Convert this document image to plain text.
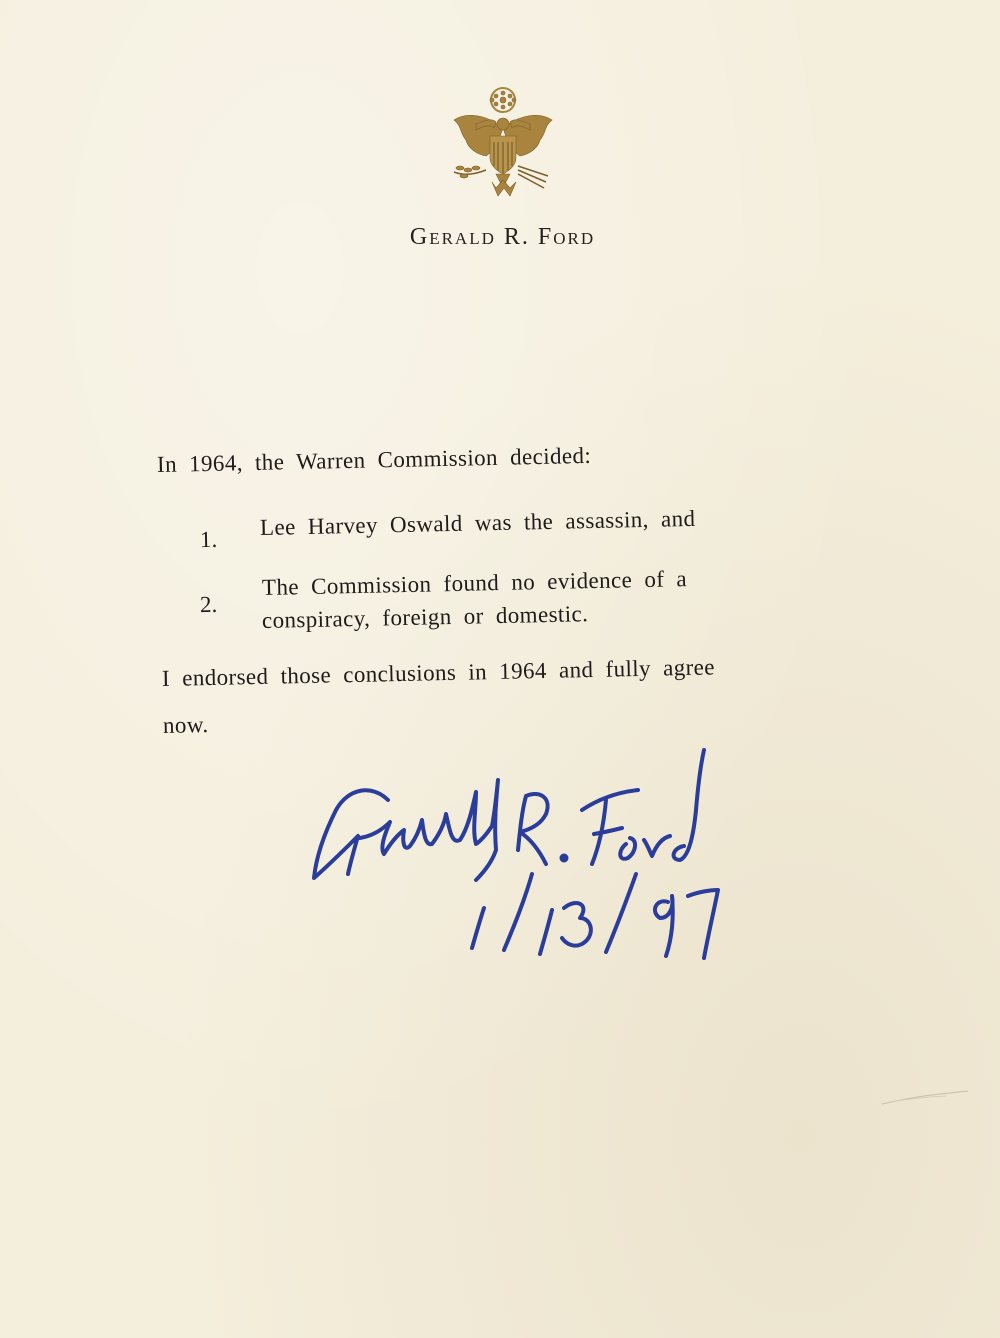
Gerald R. Ford
In 1964, the Warren Commission decided:
1. Lee Harvey Oswald was the assassin, and
2.
The Commission found no evidence of a
conspiracy, foreign or domestic.
I endorsed those conclusions in 1964 and fully agree
now.
